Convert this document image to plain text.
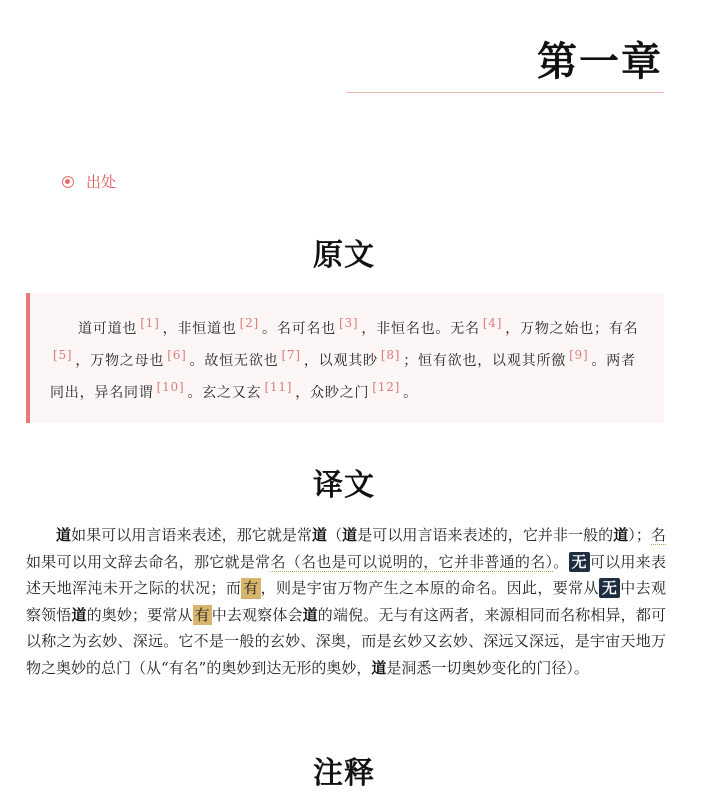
第一章
出处
原文

道可道也 [1] ，非恒道也 [2] 。名可名也 [3] ，非恒名也。无名 [4] ，万物之始也；有名[5] ，万物之母也 [6] 。故恒无欲也 [7] ，以观其眇 [8] ；恒有欲也，以观其所徼 [9] 。两者同出，异名同谓 [10] 。玄之又玄 [11] ，众眇之门 [12] 。

译文

道如果可以用言语来表述，那它就是常道（道是可以用言语来表述的，它并非一般的道）；名如果可以用文辞去命名，那它就是常名（名也是可以说明的，它并非普通的名）。 无 可以用来表述天地浑沌未开之际的状况；而 有 ，则是宇宙万物产生之本原的命名。因此，要常从 无 中去观察领悟道的奥妙；要常从 有 中去观察体会道的端倪。无与有这两者，来源相同而名称相异，都可以称之为玄妙、深远。它不是一般的玄妙、深奥，而是玄妙又玄妙、深远又深远，是宇宙天地万物之奥妙的总门（从“有名”的奥妙到达无形的奥妙，道是洞悉一切奥妙变化的门径）。

注释
